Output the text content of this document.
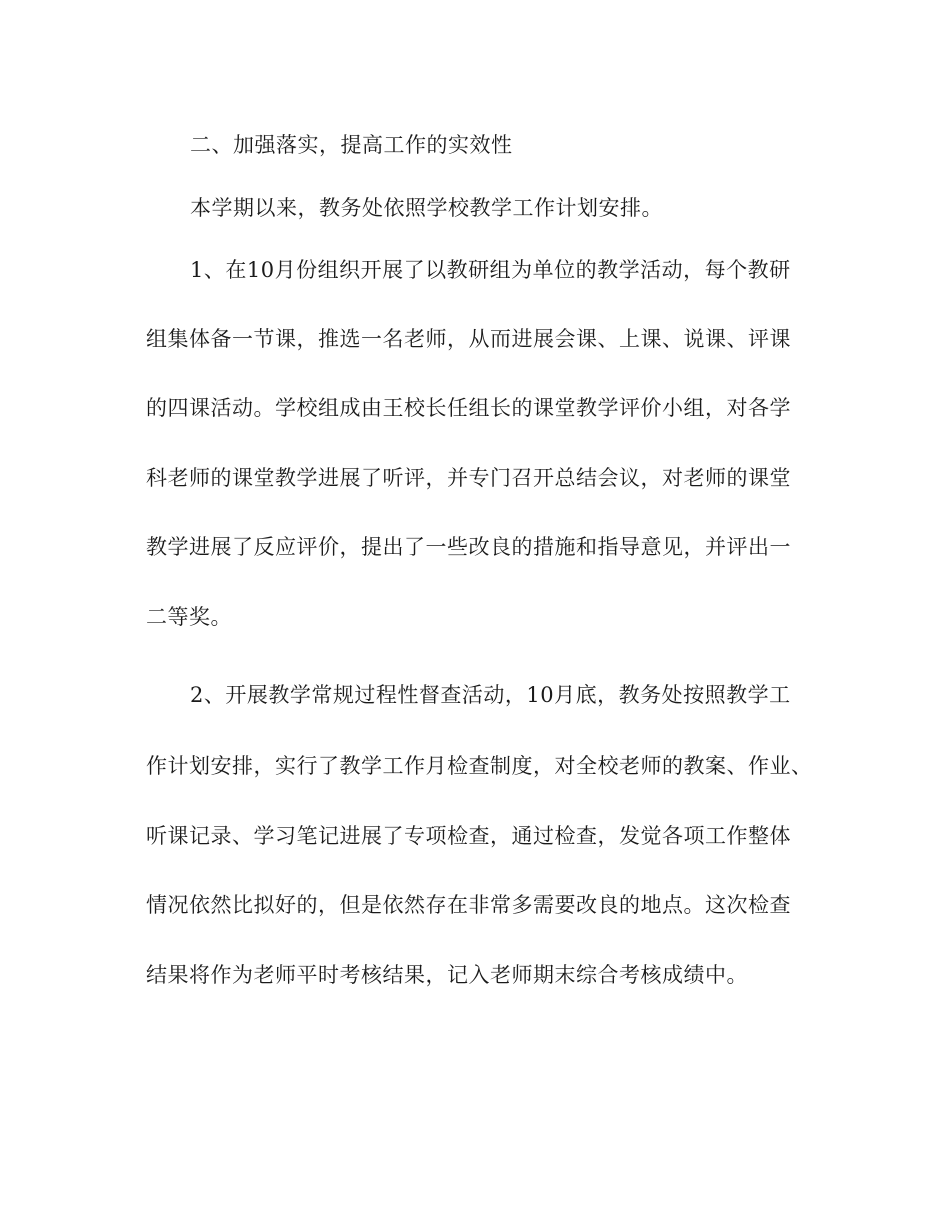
二、加强落实，提高工作的实效性
本学期以来，教务处依照学校教学工作计划安排。
1、在10月份组织开展了以教研组为单位的教学活动，每个教研
组集体备一节课，推选一名老师，从而进展会课、上课、说课、评课
的四课活动。学校组成由王校长任组长的课堂教学评价小组，对各学
科老师的课堂教学进展了听评，并专门召开总结会议，对老师的课堂
教学进展了反应评价，提出了一些改良的措施和指导意见，并评出一
二等奖。
2、开展教学常规过程性督查活动，10月底，教务处按照教学工
作计划安排，实行了教学工作月检查制度，对全校老师的教案、作业、
听课记录、学习笔记进展了专项检查，通过检查，发觉各项工作整体
情况依然比拟好的，但是依然存在非常多需要改良的地点。这次检查
结果将作为老师平时考核结果，记入老师期末综合考核成绩中。
